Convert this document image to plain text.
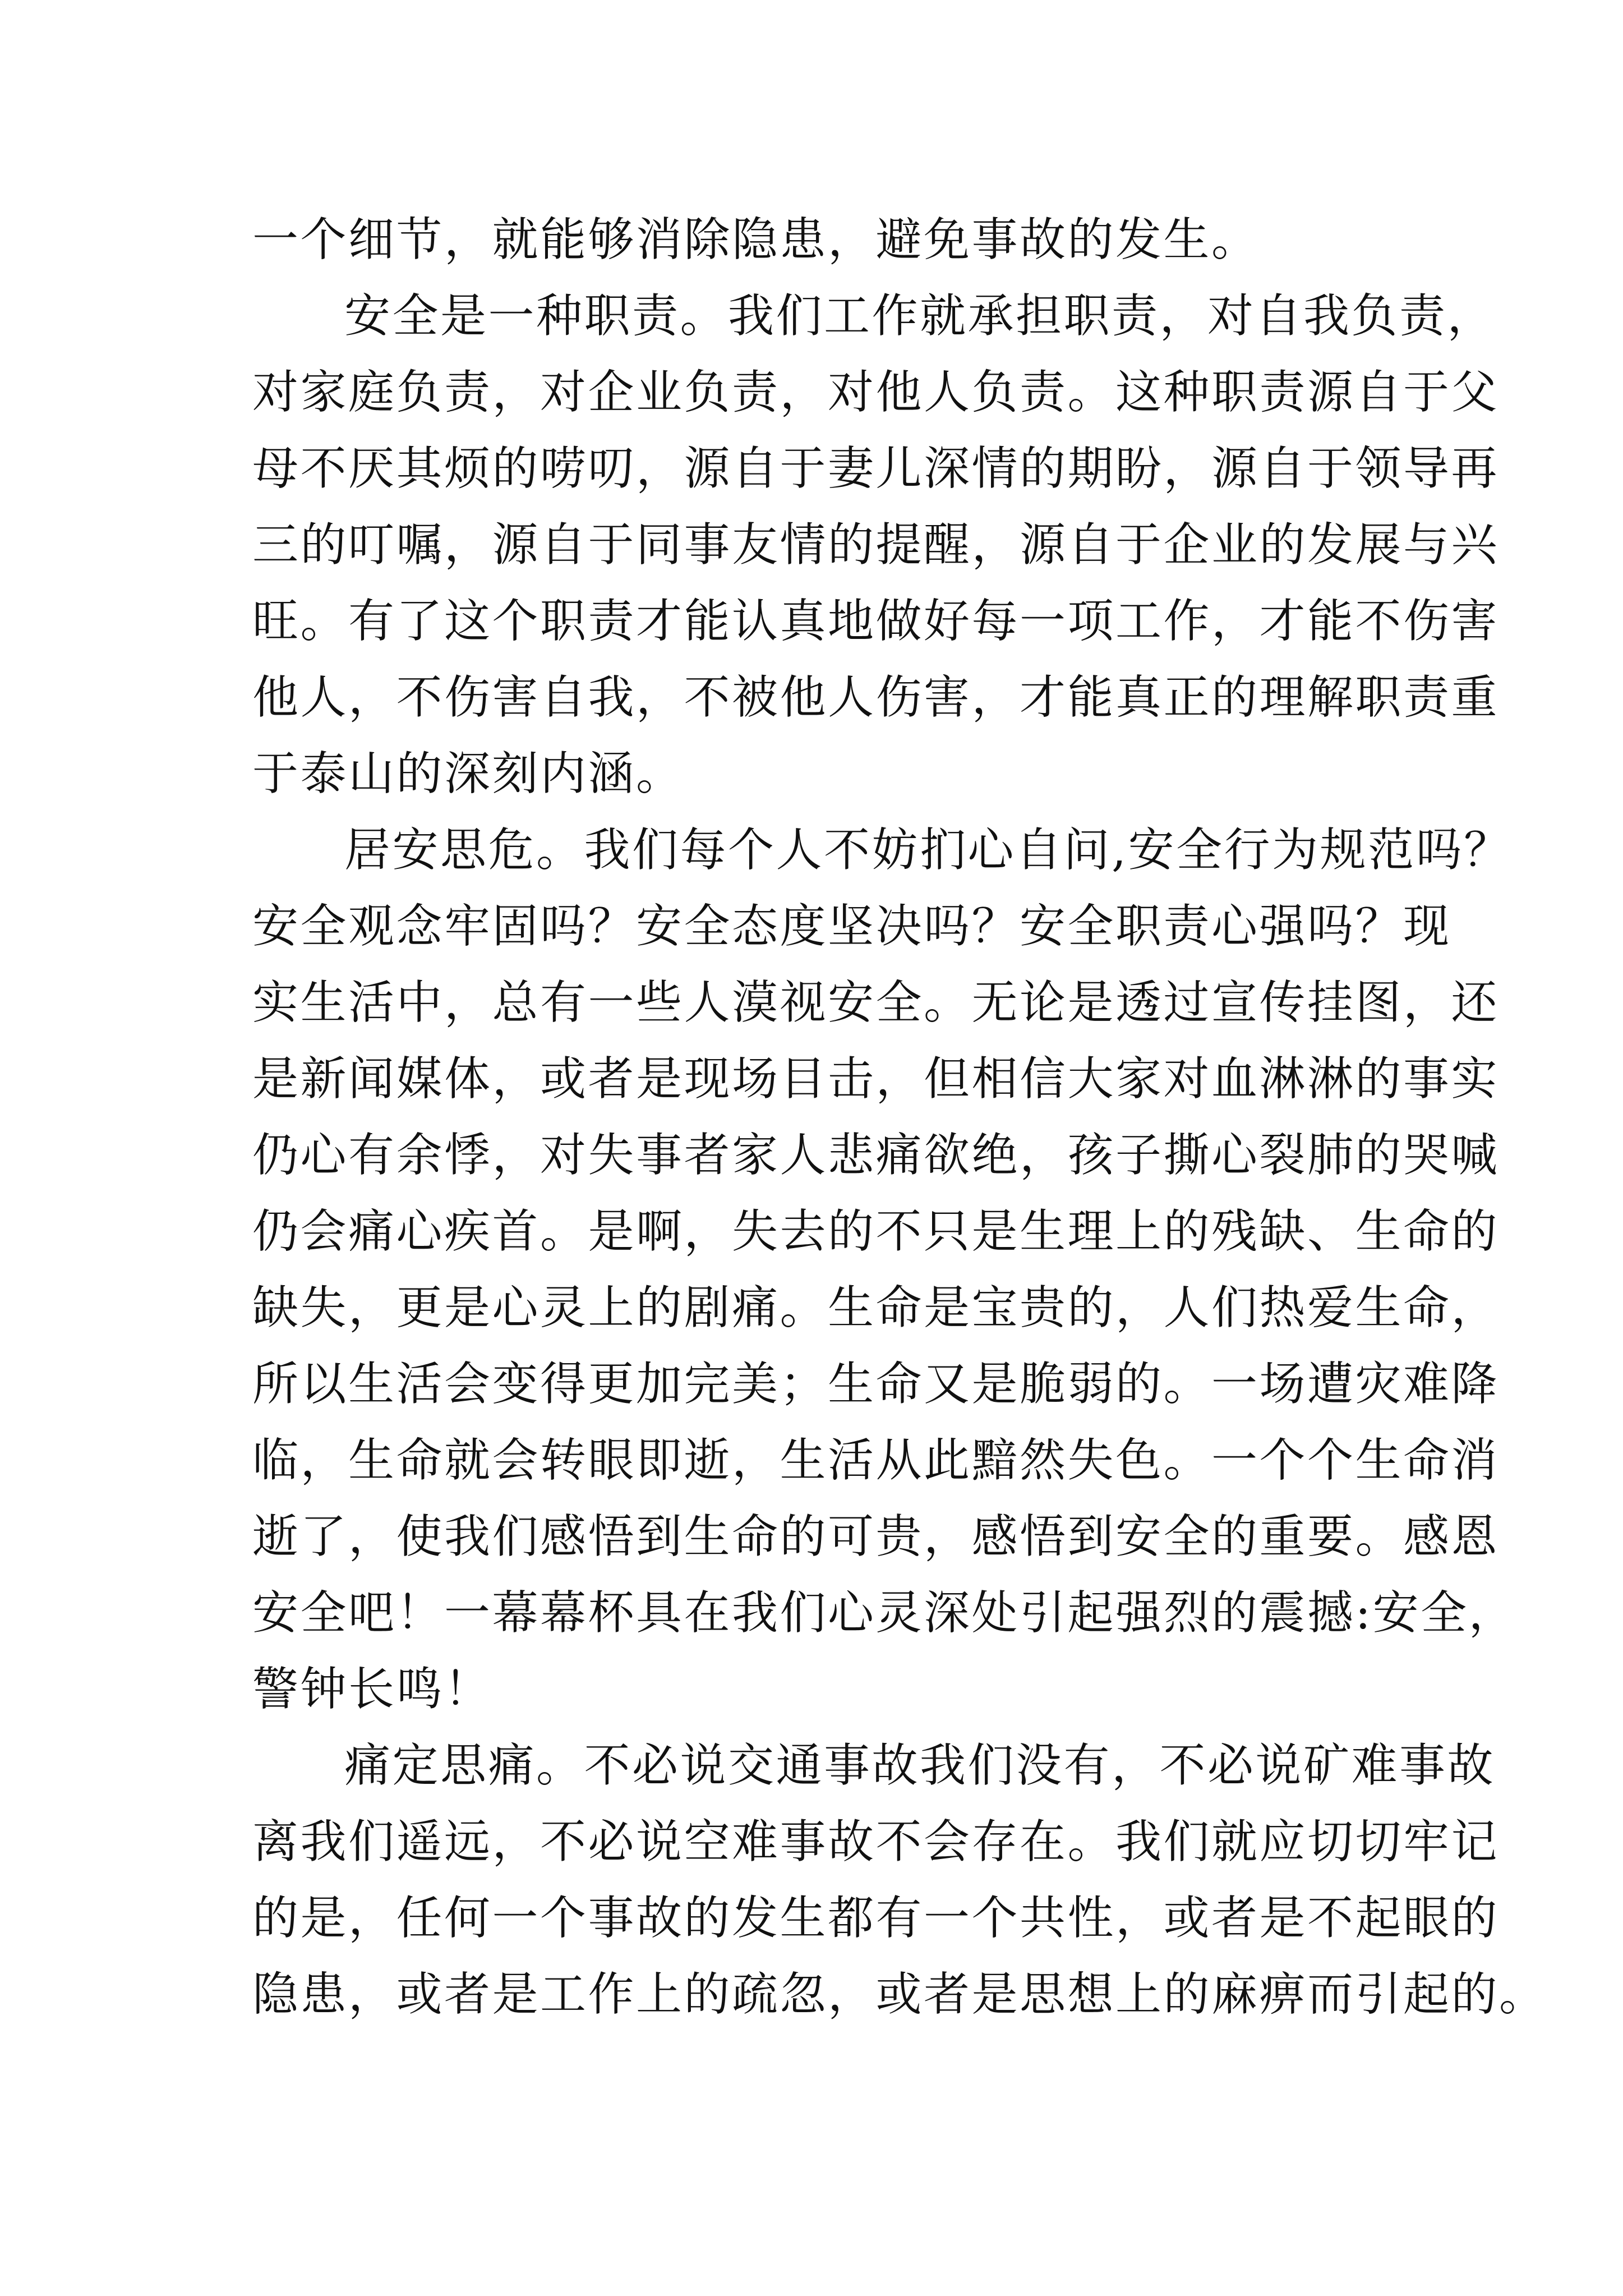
一个细节，就能够消除隐患，避免事故的发生。

安全是一种职责。我们工作就承担职责，对自我负责，
对家庭负责，对企业负责，对他人负责。这种职责源自于父
母不厌其烦的唠叨，源自于妻儿深情的期盼，源自于领导再
三的叮嘱，源自于同事友情的提醒，源自于企业的发展与兴
旺。有了这个职责才能认真地做好每一项工作，才能不伤害
他人，不伤害自我，不被他人伤害，才能真正的理解职责重
于泰山的深刻内涵。

居安思危。我们每个人不妨扪心自问,安全行为规范吗？
安全观念牢固吗？安全态度坚决吗？安全职责心强吗？现
实生活中，总有一些人漠视安全。无论是透过宣传挂图，还
是新闻媒体，或者是现场目击，但相信大家对血淋淋的事实
仍心有余悸，对失事者家人悲痛欲绝，孩子撕心裂肺的哭喊
仍会痛心疾首。是啊，失去的不只是生理上的残缺、生命的
缺失，更是心灵上的剧痛。生命是宝贵的，人们热爱生命，
所以生活会变得更加完美；生命又是脆弱的。一场遭灾难降
临，生命就会转眼即逝，生活从此黯然失色。一个个生命消
逝了，使我们感悟到生命的可贵，感悟到安全的重要。感恩
安全吧！一幕幕杯具在我们心灵深处引起强烈的震撼:安全，
警钟长鸣！

痛定思痛。不必说交通事故我们没有，不必说矿难事故
离我们遥远，不必说空难事故不会存在。我们就应切切牢记
的是，任何一个事故的发生都有一个共性，或者是不起眼的
隐患，或者是工作上的疏忽，或者是思想上的麻痹而引起的。
